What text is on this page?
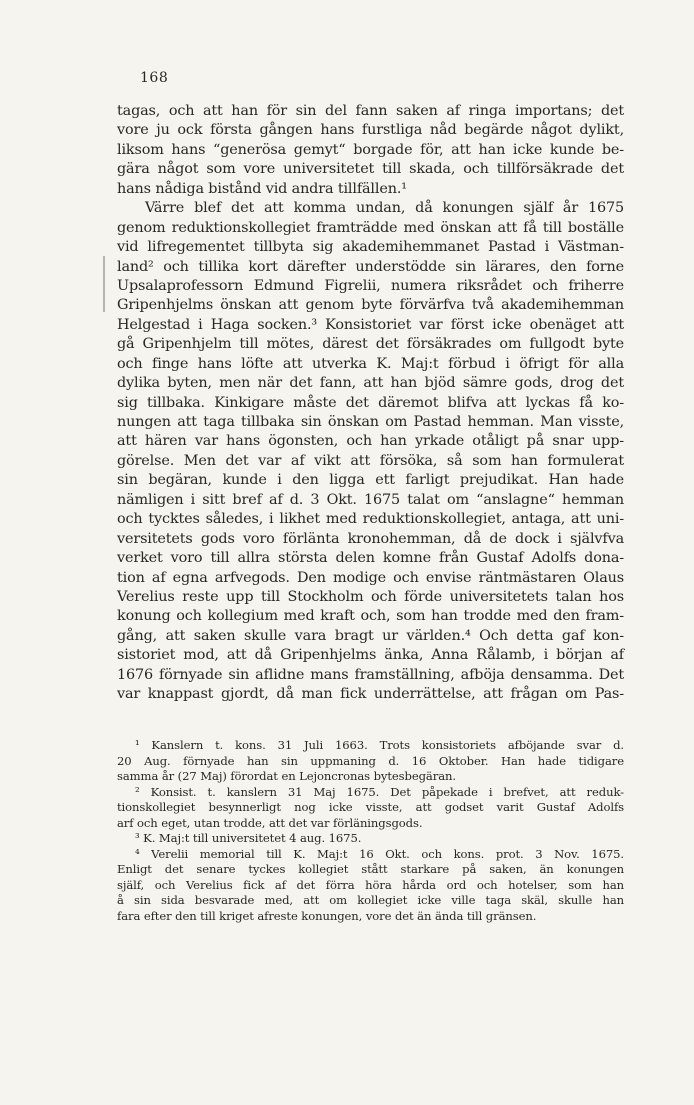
168
tagas, och att han för sin del fann saken af ringa importans; det
vore ju ock första gången hans furstliga nåd begärde något dylikt,
liksom hans “generösa gemyt“ borgade för, att han icke kunde be-
gära något som vore universitetet till skada, och tillförsäkrade det
hans nådiga bistånd vid andra tillfällen.¹
Värre blef det att komma undan, då konungen själf år 1675
genom reduktionskollegiet framträdde med önskan att få till boställe
vid lifregementet tillbyta sig akademihemmanet Pastad i Västman-
land² och tillika kort därefter understödde sin lärares, den forne
Upsalaprofessorn Edmund Figrelii, numera riksrådet och friherre
Gripenhjelms önskan att genom byte förvärfva två akademihemman
Helgestad i Haga socken.³ Konsistoriet var först icke obenäget att
gå Gripenhjelm till mötes, därest det försäkrades om fullgodt byte
och finge hans löfte att utverka K. Maj:t förbud i öfrigt för alla
dylika byten, men när det fann, att han bjöd sämre gods, drog det
sig tillbaka. Kinkigare måste det däremot blifva att lyckas få ko-
nungen att taga tillbaka sin önskan om Pastad hemman. Man visste,
att hären var hans ögonsten, och han yrkade otåligt på snar upp-
görelse. Men det var af vikt att försöka, så som han formulerat
sin begäran, kunde i den ligga ett farligt prejudikat. Han hade
nämligen i sitt bref af d. 3 Okt. 1675 talat om “anslagne“ hemman
och tycktes således, i likhet med reduktionskollegiet, antaga, att uni-
versitetets gods voro förlänta kronohemman, då de dock i självfva
verket voro till allra största delen komne från Gustaf Adolfs dona-
tion af egna arfvegods. Den modige och envise räntmästaren Olaus
Verelius reste upp till Stockholm och förde universitetets talan hos
konung och kollegium med kraft och, som han trodde med den fram-
gång, att saken skulle vara bragt ur världen.⁴ Och detta gaf kon-
sistoriet mod, att då Gripenhjelms änka, Anna Rålamb, i början af
1676 förnyade sin aflidne mans framställning, afböja densamma. Det
var knappast gjordt, då man fick underrättelse, att frågan om Pas-
¹ Kanslern t. kons. 31 Juli 1663. Trots konsistoriets afböjande svar d.
20 Aug. förnyade han sin uppmaning d. 16 Oktober. Han hade tidigare
samma år (27 Maj) förordat en Lejoncronas bytesbegäran.
² Konsist. t. kanslern 31 Maj 1675. Det påpekade i brefvet, att reduk-
tionskollegiet besynnerligt nog icke visste, att godset varit Gustaf Adolfs
arf och eget, utan trodde, att det var förläningsgods.
³ K. Maj:t till universitetet 4 aug. 1675.
⁴ Verelii memorial till K. Maj:t 16 Okt. och kons. prot. 3 Nov. 1675.
Enligt det senare tyckes kollegiet stått starkare på saken, än konungen
själf, och Verelius fick af det förra höra hårda ord och hotelser, som han
å sin sida besvarade med, att om kollegiet icke ville taga skäl, skulle han
fara efter den till kriget afreste konungen, vore det än ända till gränsen.
